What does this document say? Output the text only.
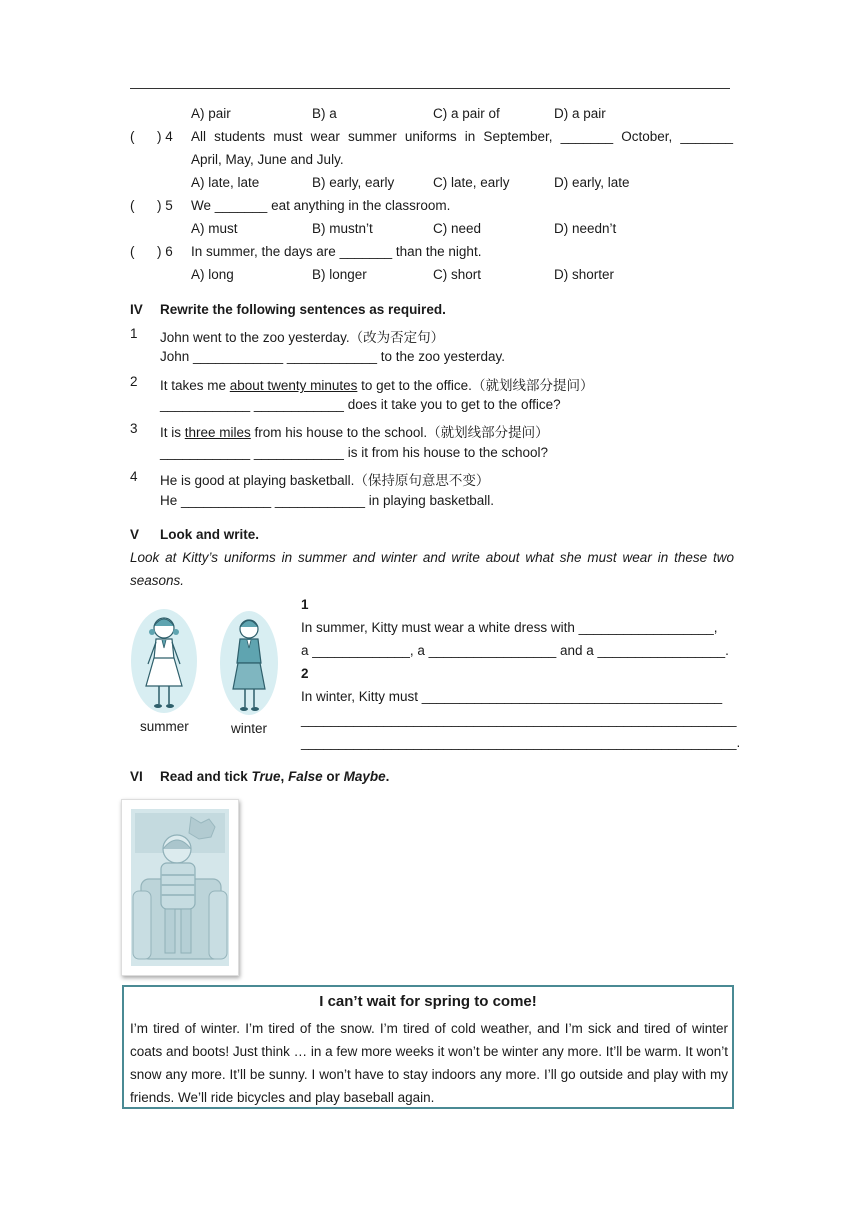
A) pair	B) a	C) a pair of	D) a pair
( ) 4 All students must wear summer uniforms in September, _______ October, _______
April, May, June and July.
A) late, late	B) early, early	C) late, early	D) early, late
( ) 5 We _______ eat anything in the classroom.
A) must	B) mustn’t	C) need	D) needn’t
( ) 6 In summer, the days are _______ than the night.
A) long	B) longer	C) short	D) shorter
IV Rewrite the following sentences as required.
1 John went to the zoo yesterday.（改为否定句）
John ____________ ____________ to the zoo yesterday.
2 It takes me about twenty minutes to get to the office.（就划线部分提问）
____________ ____________ does it take you to get to the office?
3 It is three miles from his house to the school.（就划线部分提问）
____________ ____________ is it from his house to the school?
4 He is good at playing basketball.（保持原句意思不变）
He ____________ ____________ in playing basketball.
V Look and write.
Look at Kitty’s uniforms in summer and winter and write about what she must wear in these two
seasons.
summer	winter
1
In summer, Kitty must wear a white dress with __________________,
a _____________, a _________________ and a _________________.
2
In winter, Kitty must ________________________________________
__________________________________________________________
__________________________________________________________.
VI Read and tick True, False or Maybe.
I can’t wait for spring to come!
I’m tired of winter. I’m tired of the snow. I’m tired of cold weather, and I’m sick and tired of winter coats and boots! Just think … in a few more weeks it won’t be winter any more. It’ll be warm. It won’t snow any more. It’ll be sunny. I won’t have to stay indoors any more. I’ll go outside and play with my friends. We’ll ride bicycles and play baseball again.
